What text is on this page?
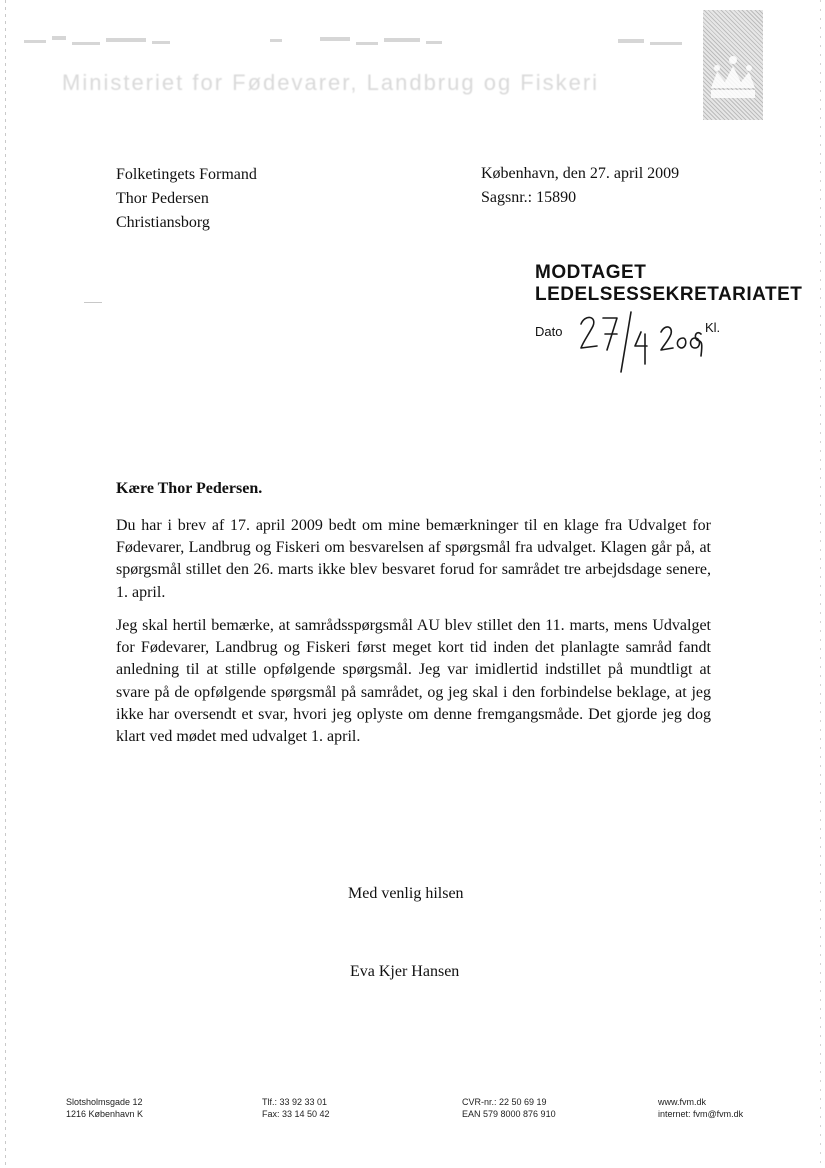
Ministeriet for Fødevarer, Landbrug og Fiskeri
Folketingets Formand
Thor Pedersen
Christiansborg
København, den 27. april 2009
Sagsnr.: 15890
MODTAGET
LEDELSESSEKRETARIATET
Dato	Kl.
Kære Thor Pedersen.

Du har i brev af 17. april 2009 bedt om mine bemærkninger til en klage fra Udvalget for Fødevarer, Landbrug og Fiskeri om besvarelsen af spørgsmål fra udvalget. Klagen går på, at spørgsmål stillet den 26. marts ikke blev besvaret forud for samrådet tre arbejdsdage senere, 1. april.

Jeg skal hertil bemærke, at samrådsspørgsmål AU blev stillet den 11. marts, mens Udvalget for Fødevarer, Landbrug og Fiskeri først meget kort tid inden det planlagte samråd fandt anledning til at stille opfølgende spørgsmål. Jeg var imidlertid indstillet på mundtligt at svare på de opfølgende spørgsmål på samrådet, og jeg skal i den forbindelse beklage, at jeg ikke har oversendt et svar, hvori jeg oplyste om denne fremgangsmåde. Det gjorde jeg dog klart ved mødet med udvalget 1. april.

Med venlig hilsen
Eva Kjer Hansen
Slotsholmsgade 12
1216 København K
Tlf.: 33 92 33 01
Fax: 33 14 50 42
CVR-nr.: 22 50 69 19
EAN 579 8000 876 910
www.fvm.dk
internet: fvm@fvm.dk
